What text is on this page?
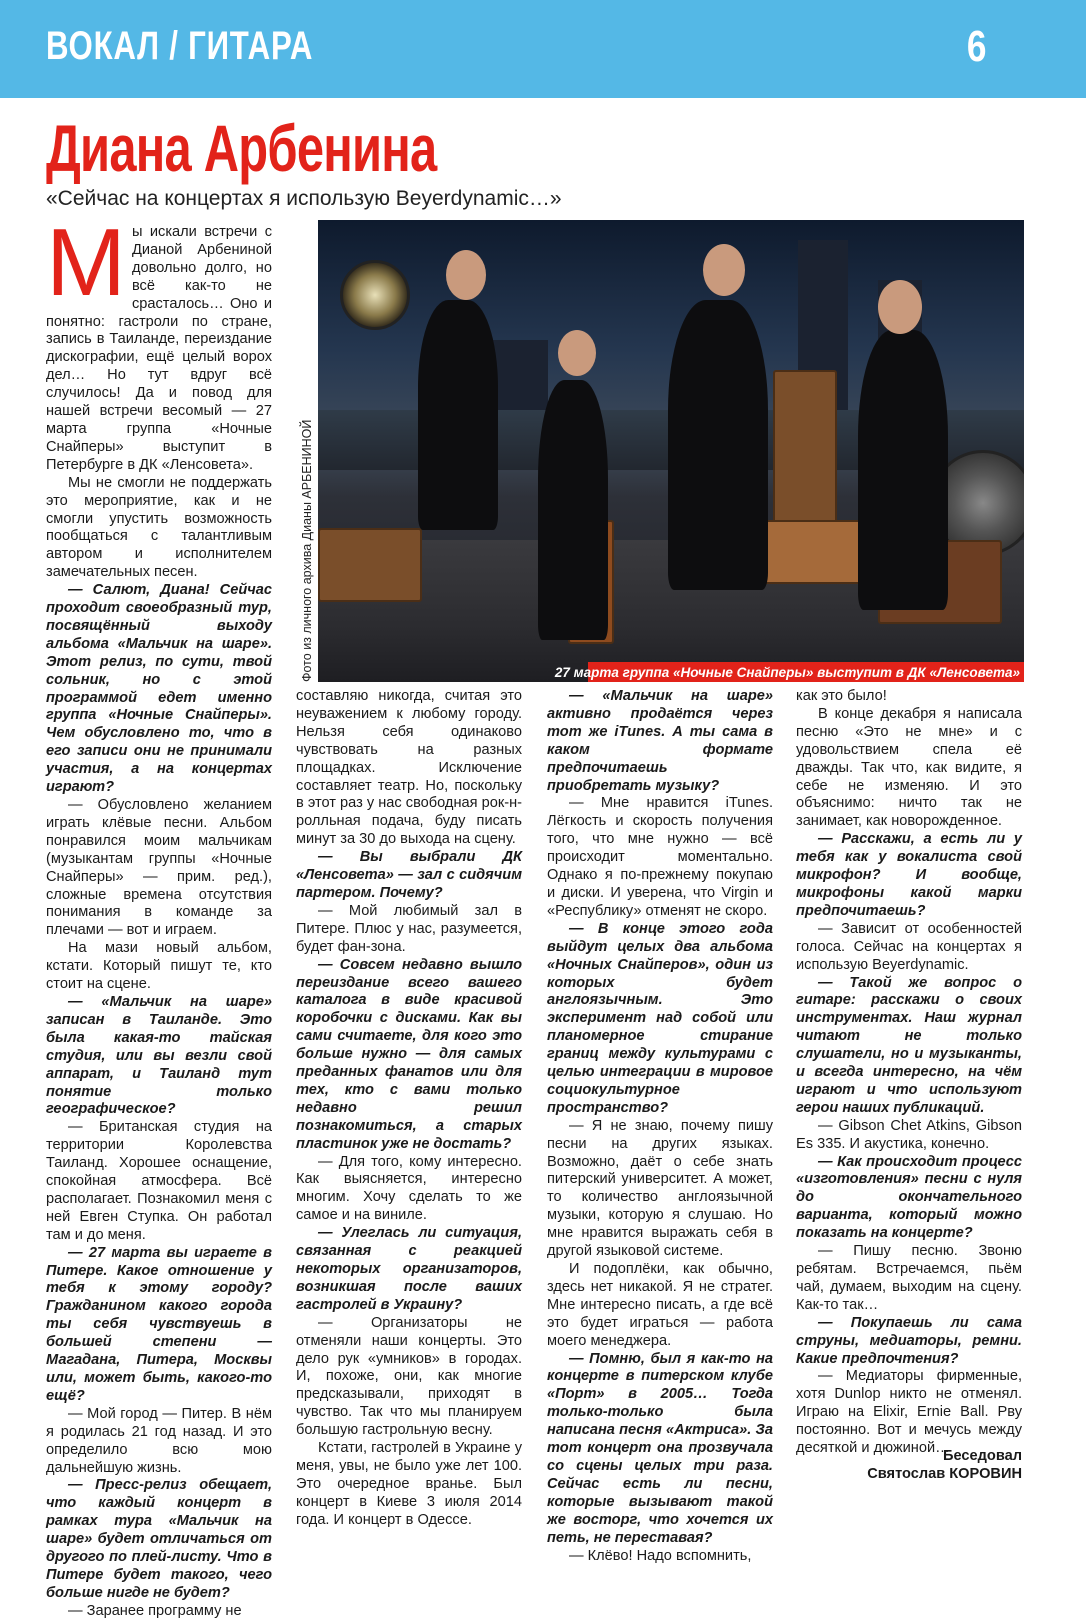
ВОКАЛ / ГИТАРА	6
Диана Арбенина
«Сейчас на концертах я использую Beyerdynamic…»
М ы искали встречи с Дианой Арбениной довольно долго, но всё как-то не срасталось… Оно и понятно: гастроли по стране, запись в Таиланде, переиздание дискографии, ещё целый ворох дел… Но тут вдруг всё случилось! Да и повод для нашей встречи весомый — 27 марта группа «Ночные Снайперы» выступит в Петербурге в ДК «Ленсовета».

Мы не смогли не поддержать это мероприятие, как и не смогли упустить возможность пообщаться с талантливым автором и исполнителем замечательных песен.

— Салют, Диана! Сейчас проходит своеобразный тур, посвящённый выходу альбома «Мальчик на шаре». Этот релиз, по сути, твой сольник, но с этой программой едет именно группа «Ночные Снайперы». Чем обусловлено то, что в его записи они не принимали участия, а на концертах играют?

— Обусловлено желанием играть клёвые песни. Альбом понравился моим мальчикам (музыкантам группы «Ночные Снайперы» — прим. ред.), сложные времена отсутствия понимания в команде за плечами — вот и играем.

На мази новый альбом, кстати. Который пишут те, кто стоит на сцене.

— «Мальчик на шаре» записан в Таиланде. Это была какая-то тайская студия, или вы везли свой аппарат, и Таиланд тут понятие только географическое?

— Британская студия на территории Королевства Таиланд. Хорошее оснащение, спокойная атмосфера. Всё располагает. Познакомил меня с ней Евген Ступка. Он работал там и до меня.

— 27 марта вы играете в Питере. Какое отношение у тебя к этому городу? Гражданином какого города ты себя чувствуешь в большей степени — Магадана, Питера, Москвы или, может быть, какого-то ещё?

— Мой город — Питер. В нём я родилась 21 год назад. И это определило всю мою дальнейшую жизнь.

— Пресс-релиз обещает, что каждый концерт в рамках тура «Мальчик на шаре» будет отличаться от другого по плей-листу. Что в Питере будет такого, чего больше нигде не будет?

— Заранее программу не

27 марта группа «Ночные Снайперы» выступит в ДК «Ленсовета»
Фото из личного архива Дианы АРБЕНИНОЙ

составляю никогда, считая это неуважением к любому городу. Нельзя себя одинаково чувствовать на разных площадках. Исключение составляет театр. Но, поскольку в этот раз у нас свободная рок-н-ролльная подача, буду писать минут за 30 до выхода на сцену.

— Вы выбрали ДК «Ленсовета» — зал с сидячим партером. Почему?

— Мой любимый зал в Питере. Плюс у нас, разумеется, будет фан-зона.

— Совсем недавно вышло переиздание всего вашего каталога в виде красивой коробочки с дисками. Как вы сами считаете, для кого это больше нужно — для самых преданных фанатов или для тех, кто с вами только недавно решил познакомиться, а старых пластинок уже не достать?

— Для того, кому интересно. Как выясняется, интересно многим. Хочу сделать то же самое и на виниле.

— Улеглась ли ситуация, связанная с реакцией некоторых организаторов, возникшая после ваших гастролей в Украину?

— Организаторы не отменяли наши концерты. Это дело рук «умников» в городах. И, похоже, они, как многие предсказывали, приходят в чувство. Так что мы планируем большую гастрольную весну.

Кстати, гастролей в Украине у меня, увы, не было уже лет 100. Это очередное вранье. Был концерт в Киеве 3 июля 2014 года. И концерт в Одессе.

— «Мальчик на шаре» активно продаётся через тот же iTunes. А ты сама в каком формате предпочитаешь приобретать музыку?

— Мне нравится iTunes. Лёгкость и скорость получения того, что мне нужно — всё происходит моментально. Однако я по-прежнему покупаю и диски. И уверена, что Virgin и «Республику» отменят не скоро.

— В конце этого года выйдут целых два альбома «Ночных Снайперов», один из которых будет англоязычным. Это эксперимент над собой или планомерное стирание границ между культурами с целью интеграции в мировое социокультурное пространство?

— Я не знаю, почему пишу песни на других языках. Возможно, даёт о себе знать питерский университет. А может, то количество англоязычной музыки, которую я слушаю. Но мне нравится выражать себя в другой языковой системе.

И подоплёки, как обычно, здесь нет никакой. Я не стратег. Мне интересно писать, а где всё это будет играться — работа моего менеджера.

— Помню, был я как-то на концерте в питерском клубе «Порт» в 2005… Тогда только-только была написана песня «Актриса». За тот концерт она прозвучала со сцены целых три раза. Сейчас есть ли песни, которые вызывают такой же восторг, что хочется их петь, не переставая?

— Клёво! Надо вспомнить,

как это было!

В конце декабря я написала песню «Это не мне» и с удовольствием спела её дважды. Так что, как видите, я себе не изменяю. И это объяснимо: ничто так не занимает, как новорожденное.

— Расскажи, а есть ли у тебя как у вокалиста свой микрофон? И вообще, микрофоны какой марки предпочитаешь?

— Зависит от особенностей голоса. Сейчас на концертах я использую Beyerdynamic.

— Такой же вопрос о гитаре: расскажи о своих инструментах. Наш журнал читают не только слушатели, но и музыканты, и всегда интересно, на чём играют и что используют герои наших публикаций.

— Gibson Chet Atkins, Gibson Es 335. И акустика, конечно.

— Как происходит процесс «изготовления» песни с нуля до окончательного варианта, который можно показать на концерте?

— Пишу песню. Звоню ребятам. Встречаемся, пьём чай, думаем, выходим на сцену. Как-то так…

— Покупаешь ли сама струны, медиаторы, ремни. Какие предпочтения?

— Медиаторы фирменные, хотя Dunlop никто не отменял. Играю на Elixir, Ernie Ball. Рву постоянно. Вот и мечусь между десяткой и дюжиной…

Беседовал
Святослав КОРОВИН
